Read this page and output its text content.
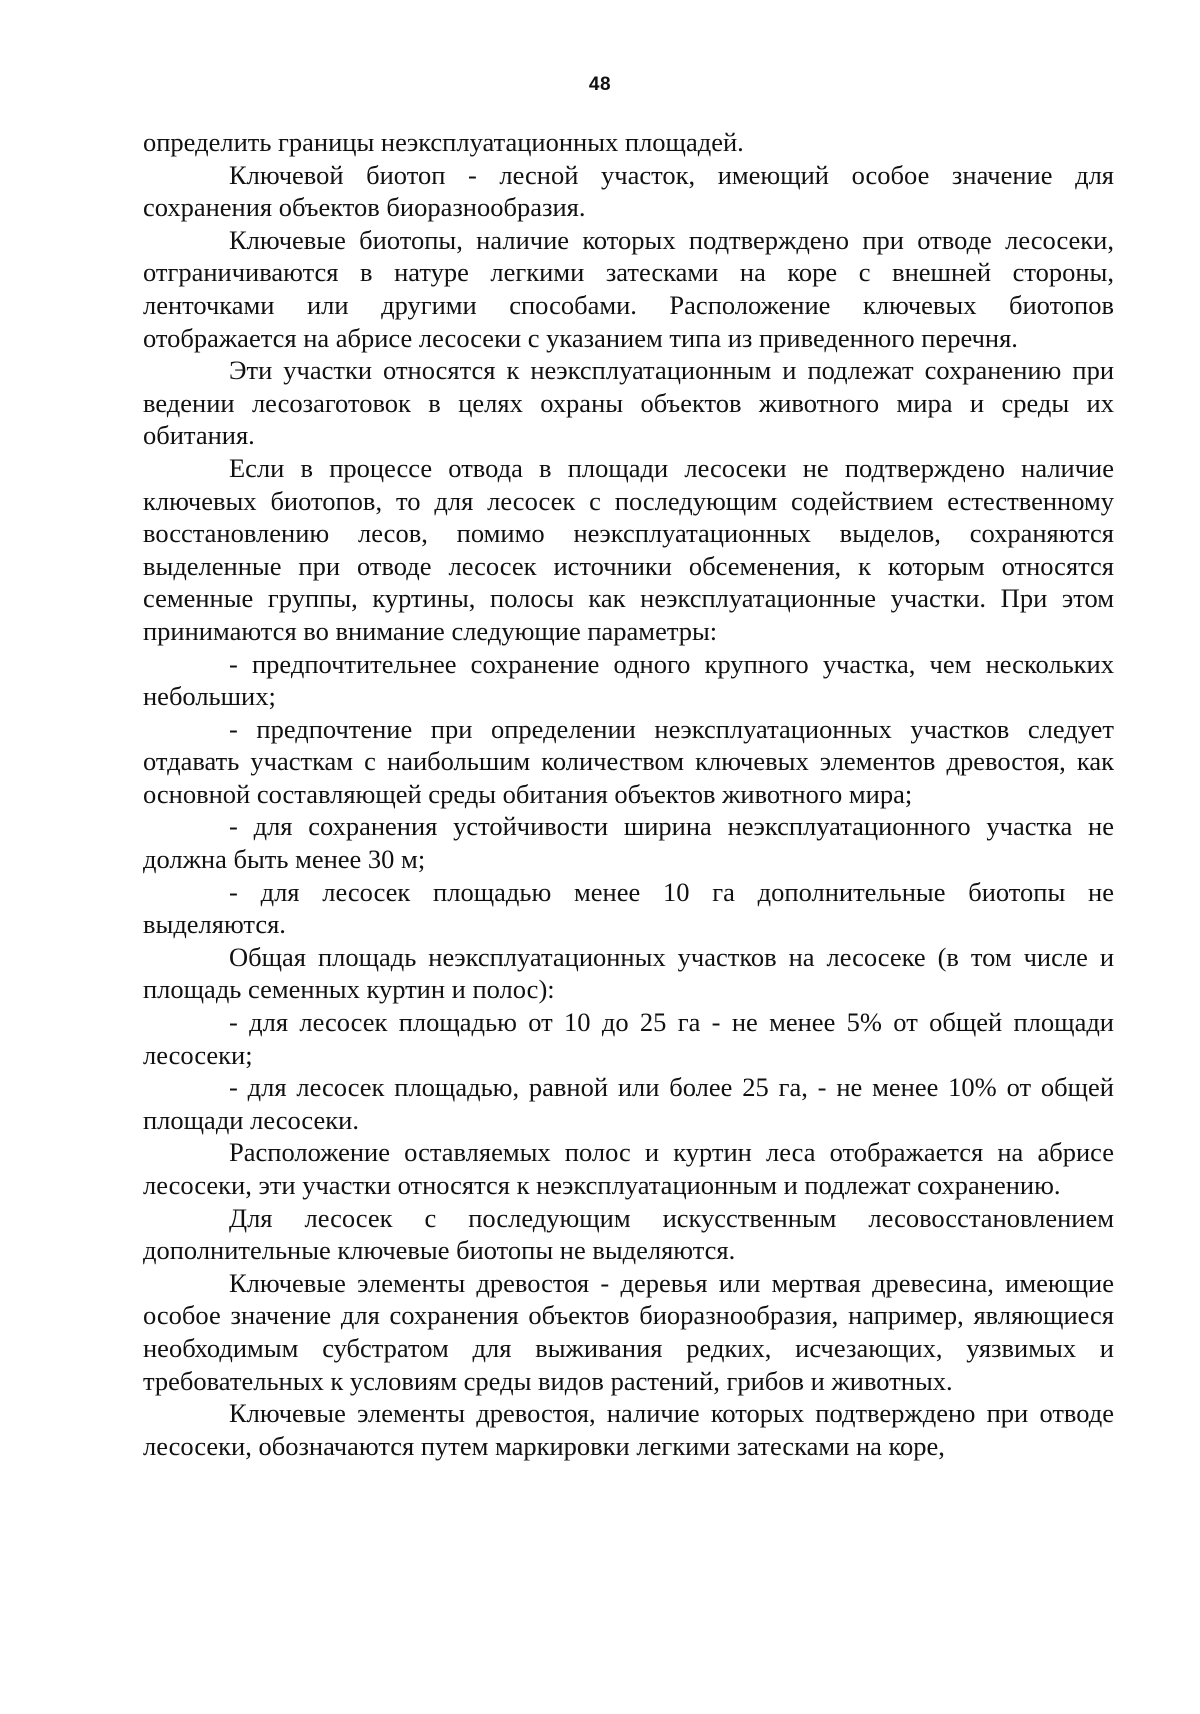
48

определить границы неэксплуатационных площадей.

Ключевой биотоп - лесной участок, имеющий особое значение для сохранения объектов биоразнообразия.

Ключевые биотопы, наличие которых подтверждено при отводе лесосеки, отграничиваются в натуре легкими затесками на коре с внешней стороны, ленточками или другими способами. Расположение ключевых биотопов отображается на абрисе лесосеки с указанием типа из приведенного перечня.

Эти участки относятся к неэксплуатационным и подлежат сохранению при ведении лесозаготовок в целях охраны объектов животного мира и среды их обитания.

Если в процессе отвода в площади лесосеки не подтверждено наличие ключевых биотопов, то для лесосек с последующим содействием естественному восстановлению лесов, помимо неэксплуатационных выделов, сохраняются выделенные при отводе лесосек источники обсеменения, к которым относятся семенные группы, куртины, полосы как неэксплуатационные участки. При этом принимаются во внимание следующие параметры:

- предпочтительнее сохранение одного крупного участка, чем нескольких небольших;

- предпочтение при определении неэксплуатационных участков следует отдавать участкам с наибольшим количеством ключевых элементов древостоя, как основной составляющей среды обитания объектов животного мира;

- для сохранения устойчивости ширина неэксплуатационного участка не должна быть менее 30 м;

- для лесосек площадью менее 10 га дополнительные биотопы не выделяются.

Общая площадь неэксплуатационных участков на лесосеке (в том числе и площадь семенных куртин и полос):

- для лесосек площадью от 10 до 25 га - не менее 5% от общей площади лесосеки;

- для лесосек площадью, равной или более 25 га, - не менее 10% от общей площади лесосеки.

Расположение оставляемых полос и куртин леса отображается на абрисе лесосеки, эти участки относятся к неэксплуатационным и подлежат сохранению.

Для лесосек с последующим искусственным лесовосстановлением дополнительные ключевые биотопы не выделяются.

Ключевые элементы древостоя - деревья или мертвая древесина, имеющие особое значение для сохранения объектов биоразнообразия, например, являющиеся необходимым субстратом для выживания редких, исчезающих, уязвимых и требовательных к условиям среды видов растений, грибов и животных.

Ключевые элементы древостоя, наличие которых подтверждено при отводе лесосеки, обозначаются путем маркировки легкими затесками на коре,
